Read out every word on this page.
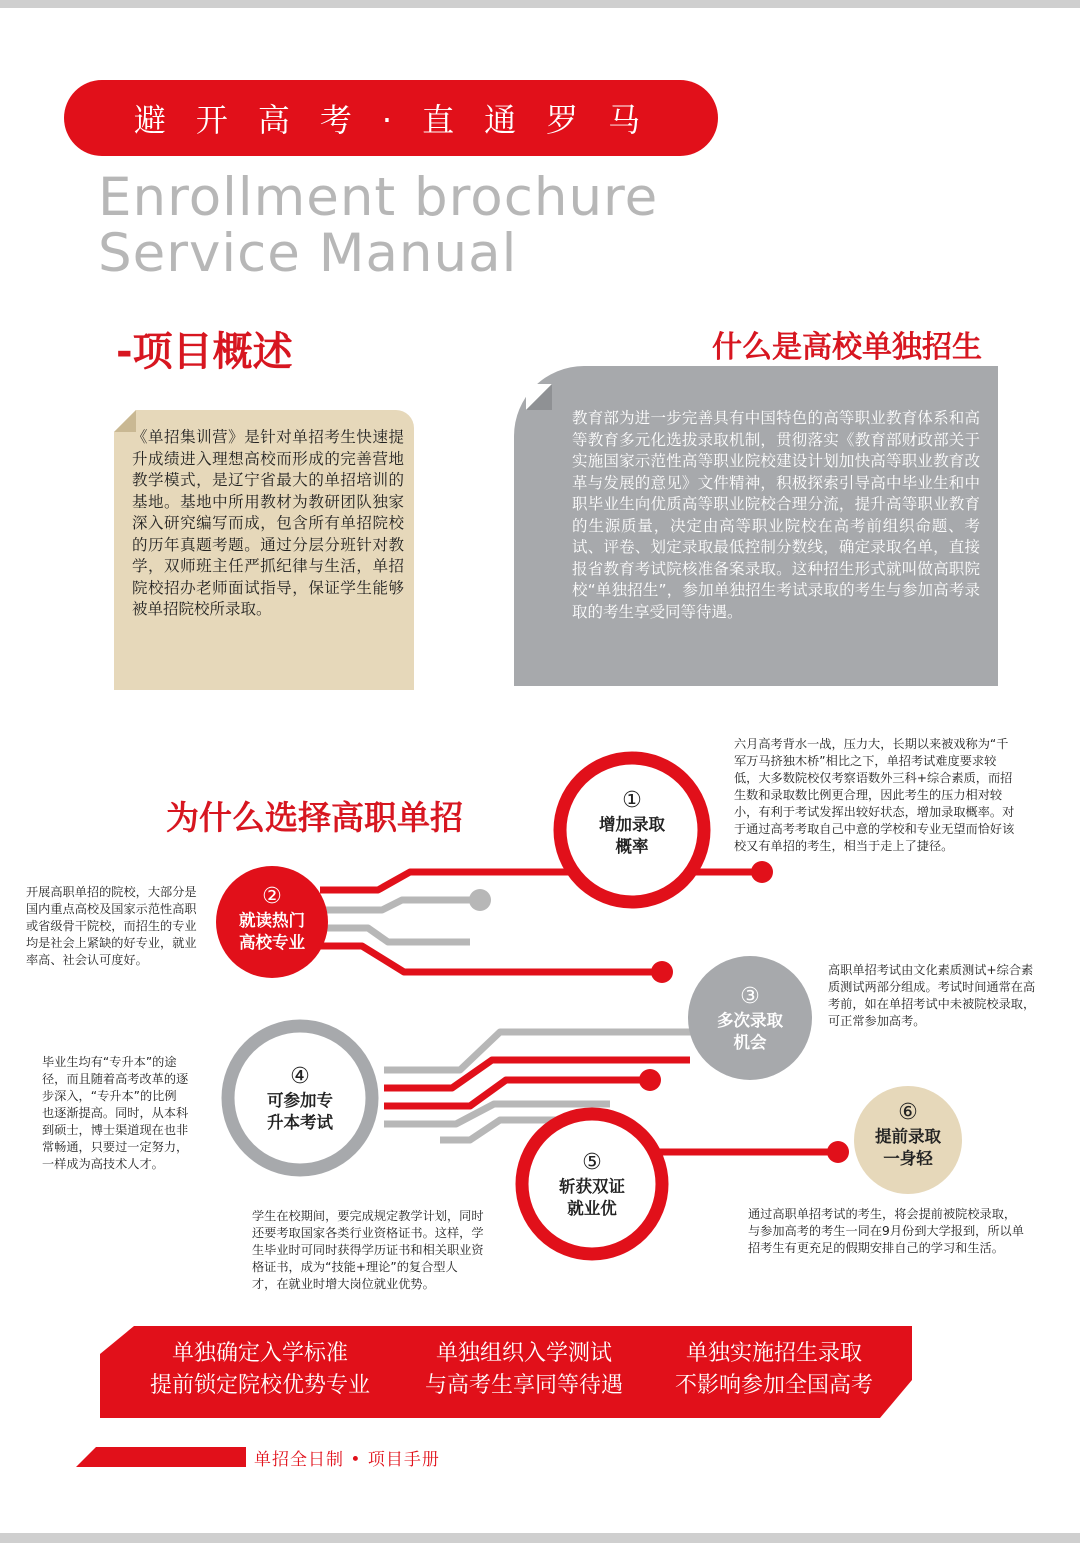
避开高考·直通罗马
Enrollment brochure
Service Manual
-项目概述	什么是高校单独招生
《单招集训营》是针对单招考生快速提升成绩进入理想高校而形成的完善营地教学模式，是辽宁省最大的单招培训的基地。基地中所用教材为教研团队独家深入研究编写而成，包含所有单招院校的历年真题考题。通过分层分班针对教学，双师班主任严抓纪律与生活，单招院校招办老师面试指导，保证学生能够被单招院校所录取。
教育部为进一步完善具有中国特色的高等职业教育体系和高等教育多元化选拔录取机制，贯彻落实《教育部财政部关于实施国家示范性高等职业院校建设计划加快高等职业教育改革与发展的意见》文件精神，积极探索引导高中毕业生和中职毕业生向优质高等职业院校合理分流，提升高等职业教育的生源质量，决定由高等职业院校在高考前组织命题、考试、评卷、划定录取最低控制分数线，确定录取名单，直接报省教育考试院核准备案录取。这种招生形式就叫做高职院校“单独招生”，参加单独招生考试录取的考生与参加高考录取的考生享受同等待遇。
为什么选择高职单招	①
增加录取
概率
②
就读热门
高校专业
③
多次录取
机会
④
可参加专
升本考试
⑤
斩获双证
就业优
⑥
提前录取
一身轻
六月高考背水一战，压力大，长期以来被戏称为“千
军万马挤独木桥”相比之下，单招考试难度要求较
低，大多数院校仅考察语数外三科+综合素质，而招
生数和录取数比例更合理，因此考生的压力相对较
小，有利于考试发挥出较好状态，增加录取概率。对
于通过高考考取自己中意的学校和专业无望而恰好该
校又有单招的考生，相当于走上了捷径。
开展高职单招的院校，大部分是
国内重点高校及国家示范性高职
或省级骨干院校，而招生的专业
均是社会上紧缺的好专业，就业
率高、社会认可度好。
高职单招考试由文化素质测试+综合素
质测试两部分组成。考试时间通常在高
考前，如在单招考试中未被院校录取，
可正常参加高考。
毕业生均有“专升本”的途
径，而且随着高考改革的逐
步深入，“专升本”的比例
也逐渐提高。同时，从本科
到硕士，博士渠道现在也非
常畅通，只要过一定努力，
一样成为高技术人才。
学生在校期间，要完成规定教学计划，同时
还要考取国家各类行业资格证书。这样，学
生毕业时可同时获得学历证书和相关职业资
格证书，成为“技能+理论”的复合型人
才，在就业时增大岗位就业优势。
通过高职单招考试的考生，将会提前被院校录取，
与参加高考的考生一同在9月份到大学报到，所以单
招考生有更充足的假期安排自己的学习和生活。
单独确定入学标准
提前锁定院校优势专业
单独组织入学测试
与高考生享同等待遇
单独实施招生录取
不影响参加全国高考
单招全日制 • 项目手册
